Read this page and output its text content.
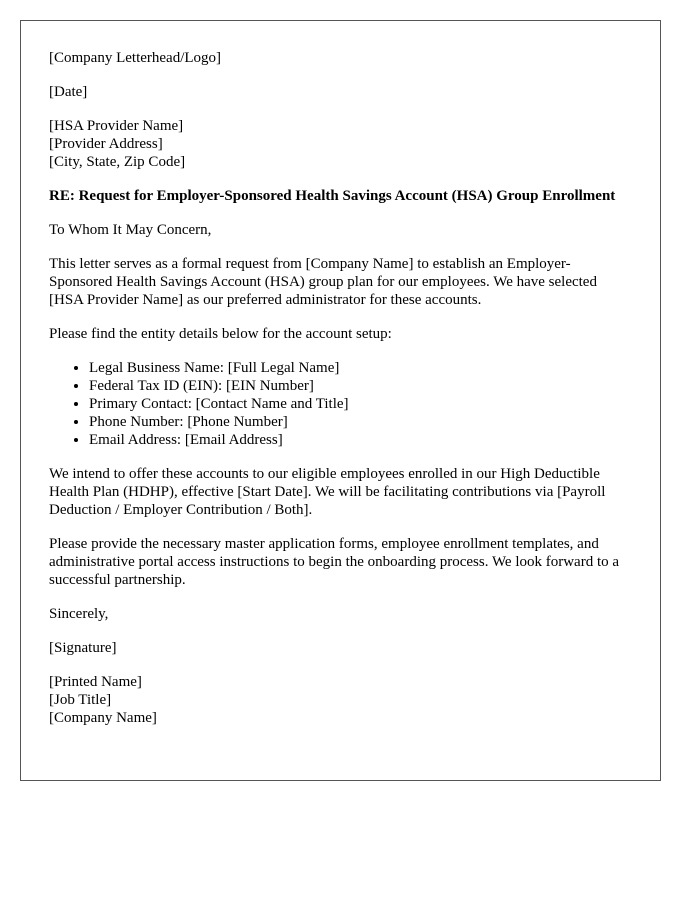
[Company Letterhead/Logo]

[Date]

[HSA Provider Name]
[Provider Address]
[City, State, Zip Code]

RE: Request for Employer-Sponsored Health Savings Account (HSA) Group Enrollment

To Whom It May Concern,

This letter serves as a formal request from [Company Name] to establish an Employer-Sponsored Health Savings Account (HSA) group plan for our employees. We have selected [HSA Provider Name] as our preferred administrator for these accounts.

Please find the entity details below for the account setup:

• Legal Business Name: [Full Legal Name]
• Federal Tax ID (EIN): [EIN Number]
• Primary Contact: [Contact Name and Title]
• Phone Number: [Phone Number]
• Email Address: [Email Address]

We intend to offer these accounts to our eligible employees enrolled in our High Deductible Health Plan (HDHP), effective [Start Date]. We will be facilitating contributions via [Payroll Deduction / Employer Contribution / Both].

Please provide the necessary master application forms, employee enrollment templates, and administrative portal access instructions to begin the onboarding process. We look forward to a successful partnership.

Sincerely,

[Signature]

[Printed Name]
[Job Title]
[Company Name]
